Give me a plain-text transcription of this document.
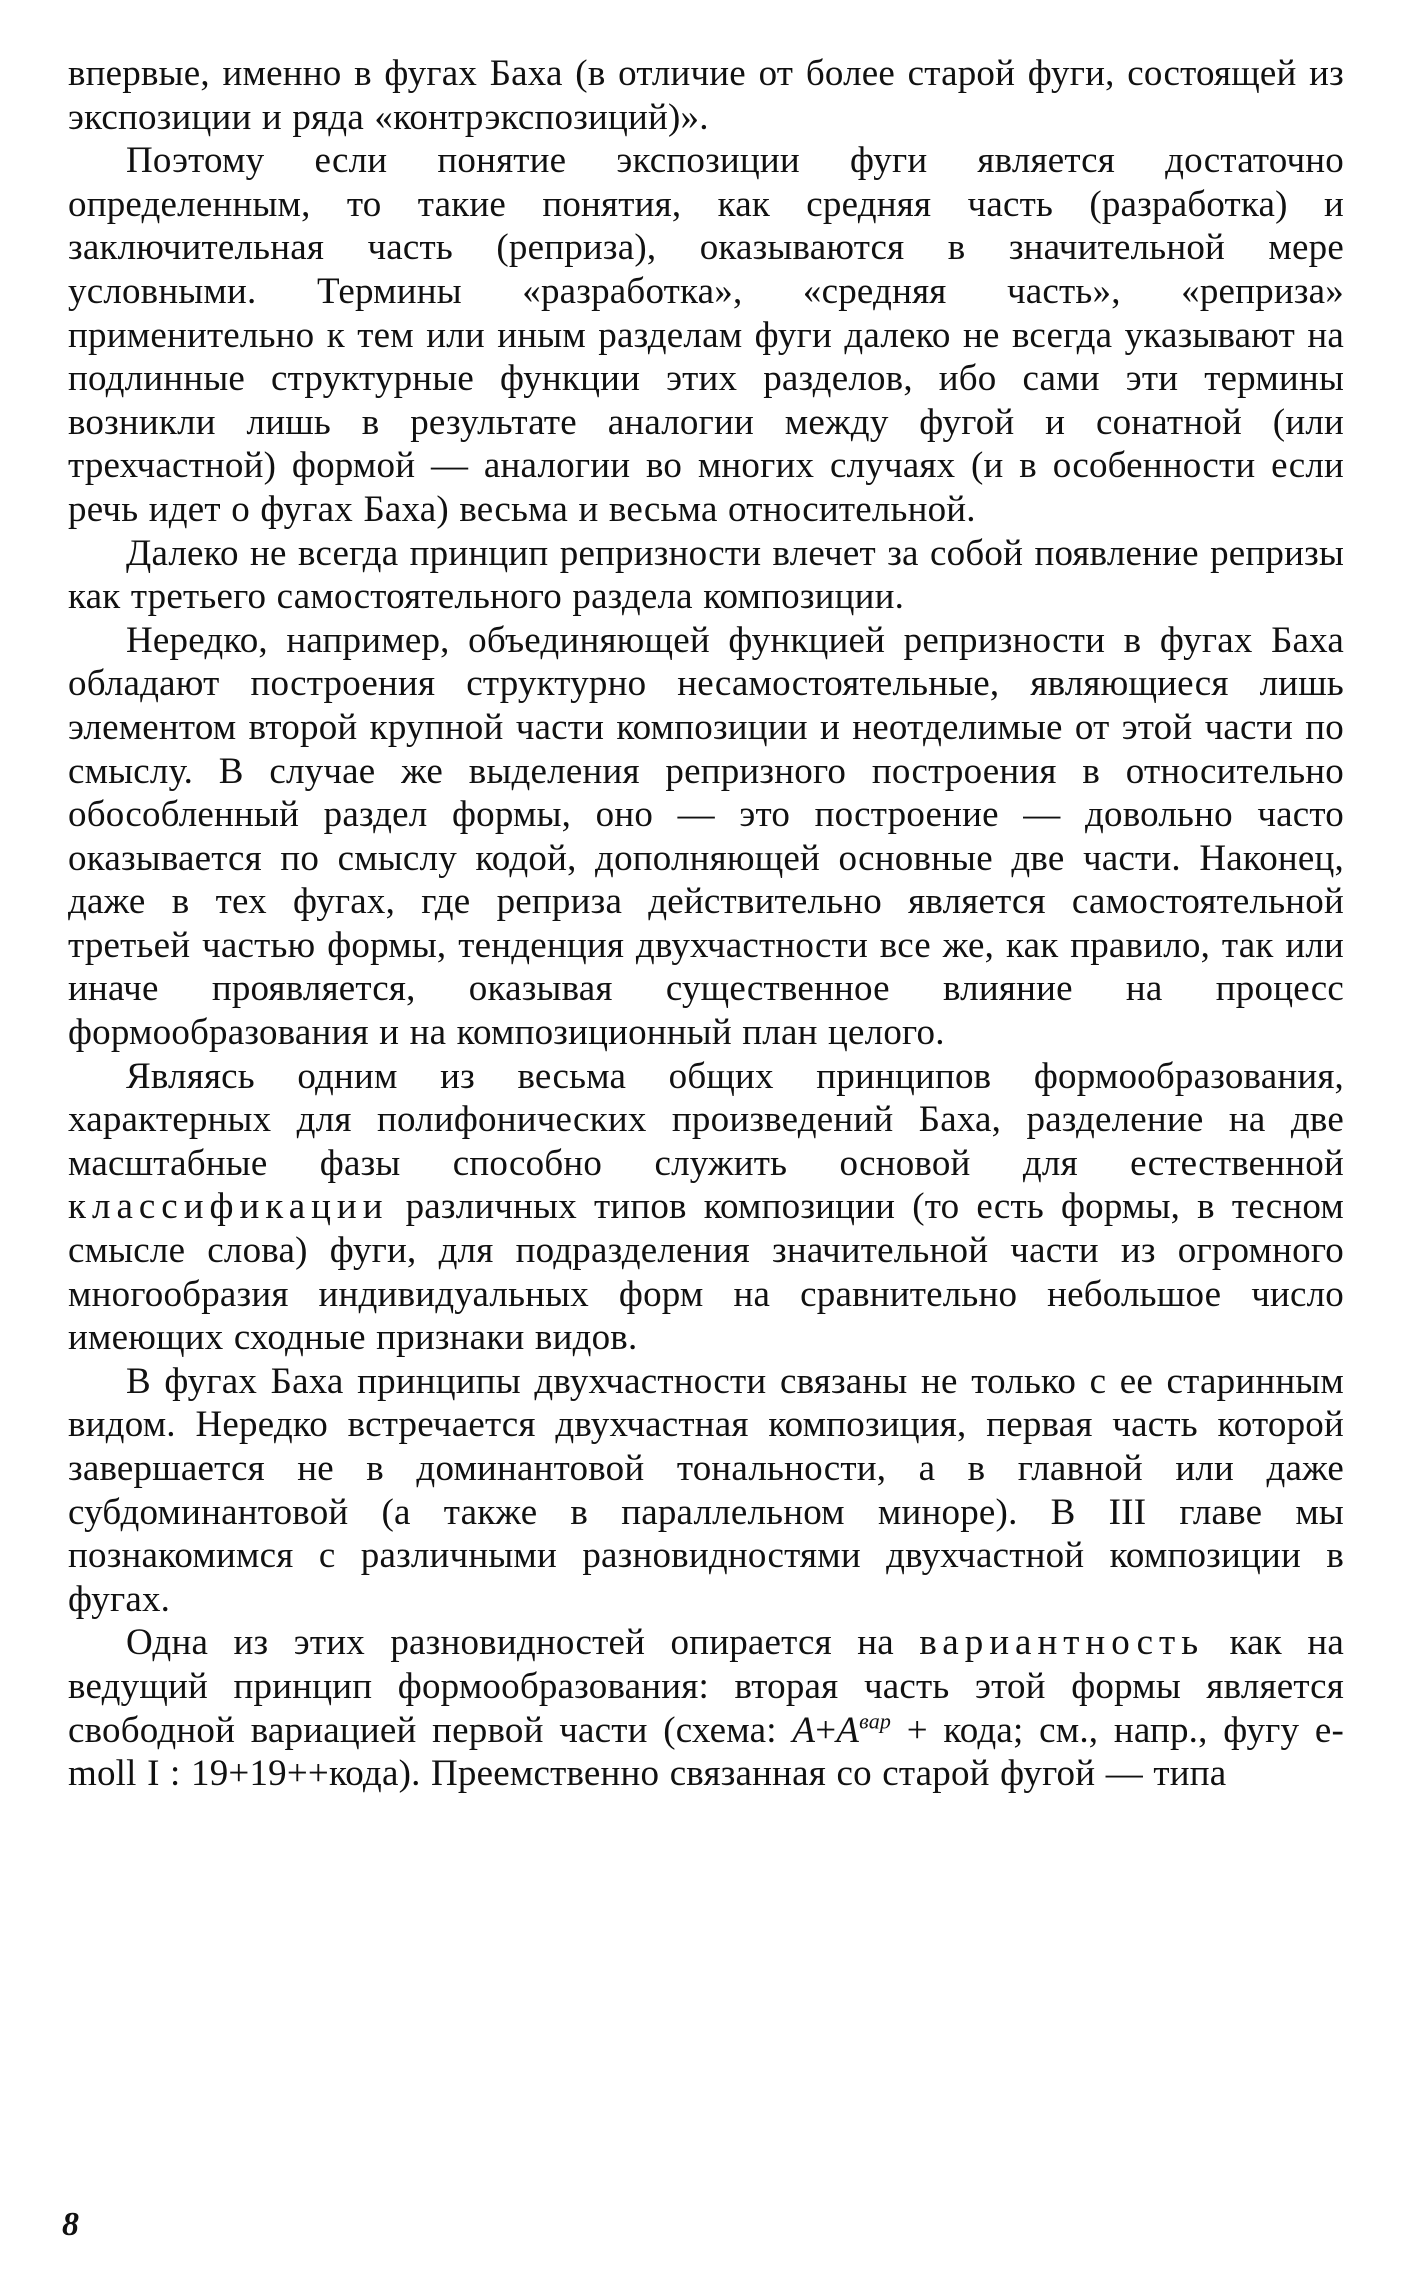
впервые, именно в фугах Баха (в отличие от более старой фуги, состоящей из экспозиции и ряда «контрэкспозиций)».

Поэтому если понятие экспозиции фуги является достаточно определенным, то такие понятия, как средняя часть (разработка) и заключительная часть (реприза), оказываются в значительной мере условными. Термины «разработка», «средняя часть», «реприза» применительно к тем или иным разделам фуги далеко не всегда указывают на подлинные структурные функции этих разделов, ибо сами эти термины возникли лишь в результате аналогии между фугой и сонатной (или трехчастной) формой — аналогии во многих случаях (и в особенности если речь идет о фугах Баха) весьма и весьма относительной.

Далеко не всегда принцип репризности влечет за собой появление репризы как третьего самостоятельного раздела композиции.

Нередко, например, объединяющей функцией репризности в фугах Баха обладают построения структурно несамостоятельные, являющиеся лишь элементом второй крупной части композиции и неотделимые от этой части по смыслу. В случае же выделения репризного построения в относительно обособленный раздел формы, оно — это построение — довольно часто оказывается по смыслу кодой, дополняющей основные две части. Наконец, даже в тех фугах, где реприза действительно является самостоятельной третьей частью формы, тенденция двухчастности все же, как правило, так или иначе проявляется, оказывая существенное влияние на процесс формообразования и на композиционный план целого.

Являясь одним из весьма общих принципов формообразования, характерных для полифонических произведений Баха, разделение на две масштабные фазы способно служить основой для естественной классификации различных типов композиции (то есть формы, в тесном смысле слова) фуги, для подразделения значительной части из огромного многообразия индивидуальных форм на сравнительно небольшое число имеющих сходные признаки видов.

В фугах Баха принципы двухчастности связаны не только с ее старинным видом. Нередко встречается двухчастная композиция, первая часть которой завершается не в доминантовой тональности, а в главной или даже субдоминантовой (а также в параллельном миноре). В III главе мы познакомимся с различными разновидностями двухчастной композиции в фугах.

Одна из этих разновидностей опирается на вариантность как на ведущий принцип формообразования: вторая часть этой формы является свободной вариацией первой части (схема: $A+A^{вар}$ + кода; см., напр., фугу e-moll I : 19+19++кода). Преемственно связанная со старой фугой — типа

8
